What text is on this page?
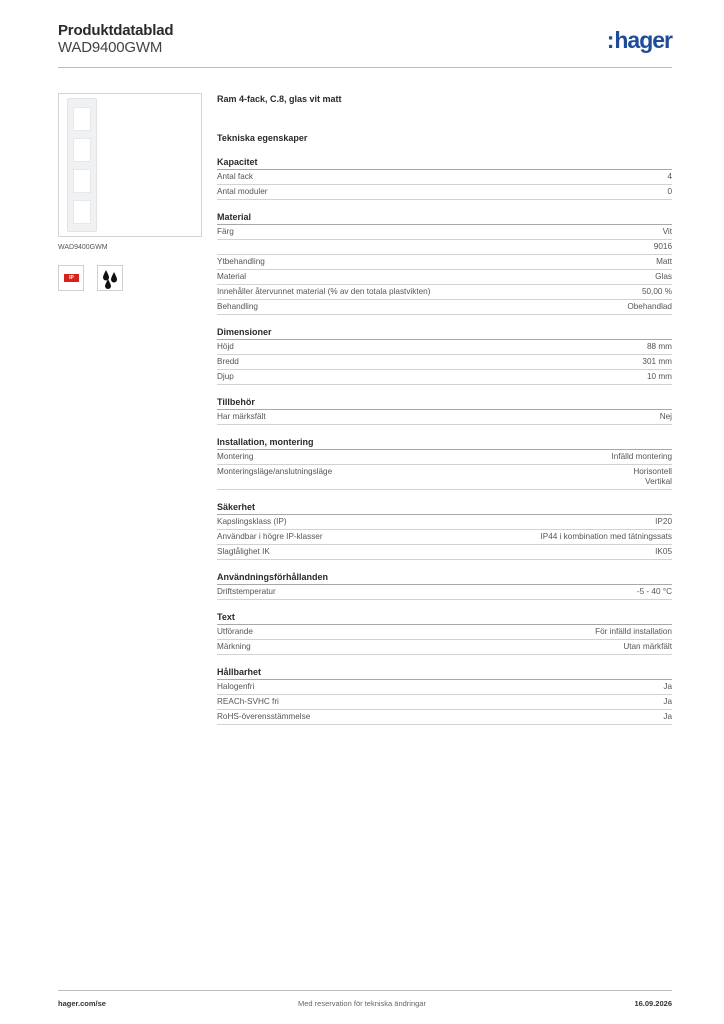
Produktdatablad
WAD9400GWM	:hager
WAD9400GWM
IP
Ram 4-fack, C.8, glas vit matt
Tekniska egenskaper
Kapacitet
Antal fack	4
Antal moduler	0
Material
Färg	Vit
9016
Ytbehandling	Matt
Material	Glas
Innehåller återvunnet material (% av den totala plastvikten)	50,00 %
Behandling	Obehandlad
Dimensioner
Höjd	88 mm
Bredd	301 mm
Djup	10 mm
Tillbehör
Har märksfält	Nej
Installation, montering
Montering	Infälld montering
Monteringsläge/anslutningsläge	Horisontell
Vertikal
Säkerhet
Kapslingsklass (IP)	IP20
Användbar i högre IP-klasser	IP44 i kombination med tätningssats
Slagtålighet IK	IK05
Användningsförhållanden
Driftstemperatur	-5 - 40 °C
Text
Utförande	För infälld installation
Märkning	Utan märkfält
Hållbarhet
Halogenfri	Ja
REACh-SVHC fri	Ja
RoHS-överensstämmelse	Ja
hager.com/se	Med reservation för tekniska ändringar	16.09.2026
